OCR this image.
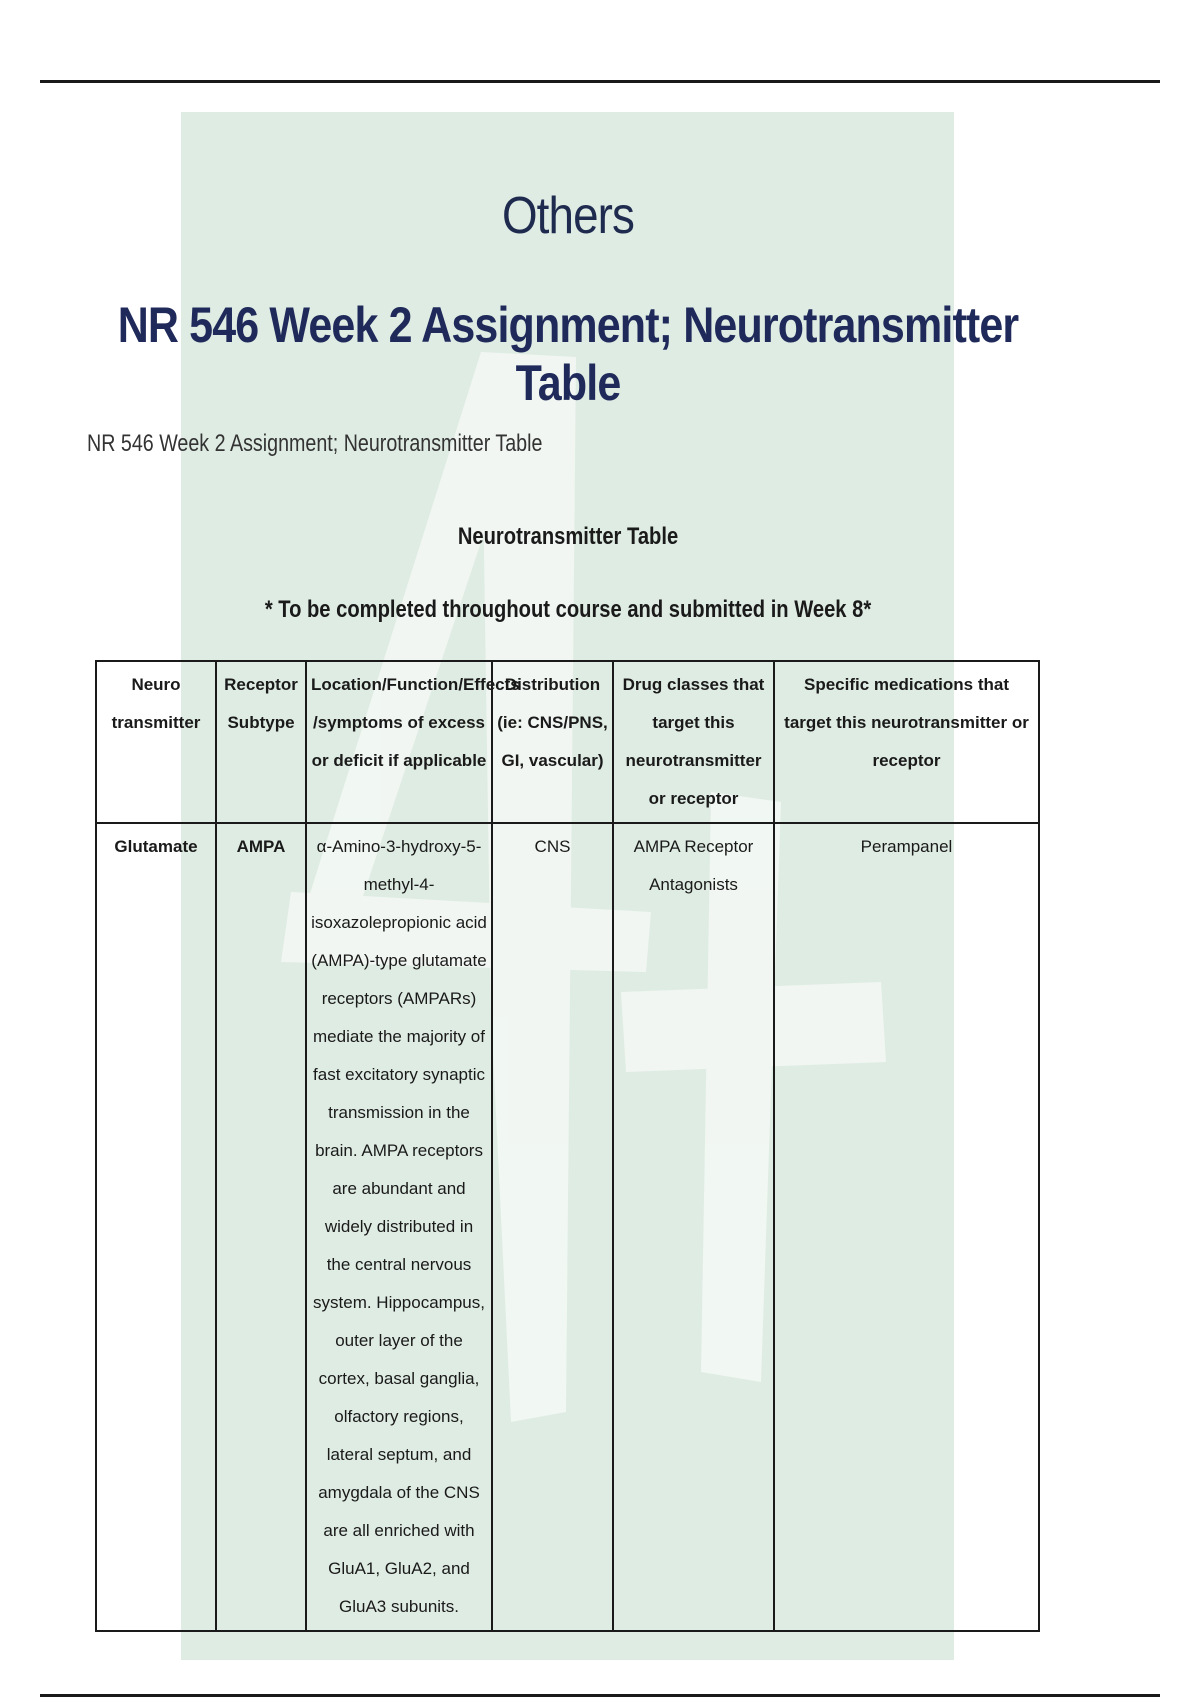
Others
NR 546 Week 2 Assignment; Neurotransmitter Table
NR 546 Week 2 Assignment; Neurotransmitter Table
Neurotransmitter Table
* To be completed throughout course and submitted in Week 8*
Neuro transmitter	Receptor Subtype	Location/Function/Effects /symptoms of excess or deficit if applicable	Distribution (ie: CNS/PNS, GI, vascular)	Drug classes that target this neurotransmitter or receptor	Specific medications that target this neurotransmitter or receptor
Glutamate	AMPA	α-Amino-3-hydroxy-5-methyl-4-isoxazolepropionic acid (AMPA)-type glutamate receptors (AMPARs) mediate the majority of fast excitatory synaptic transmission in the brain. AMPA receptors are abundant and widely distributed in the central nervous system. Hippocampus, outer layer of the cortex, basal ganglia, olfactory regions, lateral septum, and amygdala of the CNS are all enriched with GluA1, GluA2, and GluA3 subunits.	CNS	AMPA Receptor Antagonists	Perampanel
